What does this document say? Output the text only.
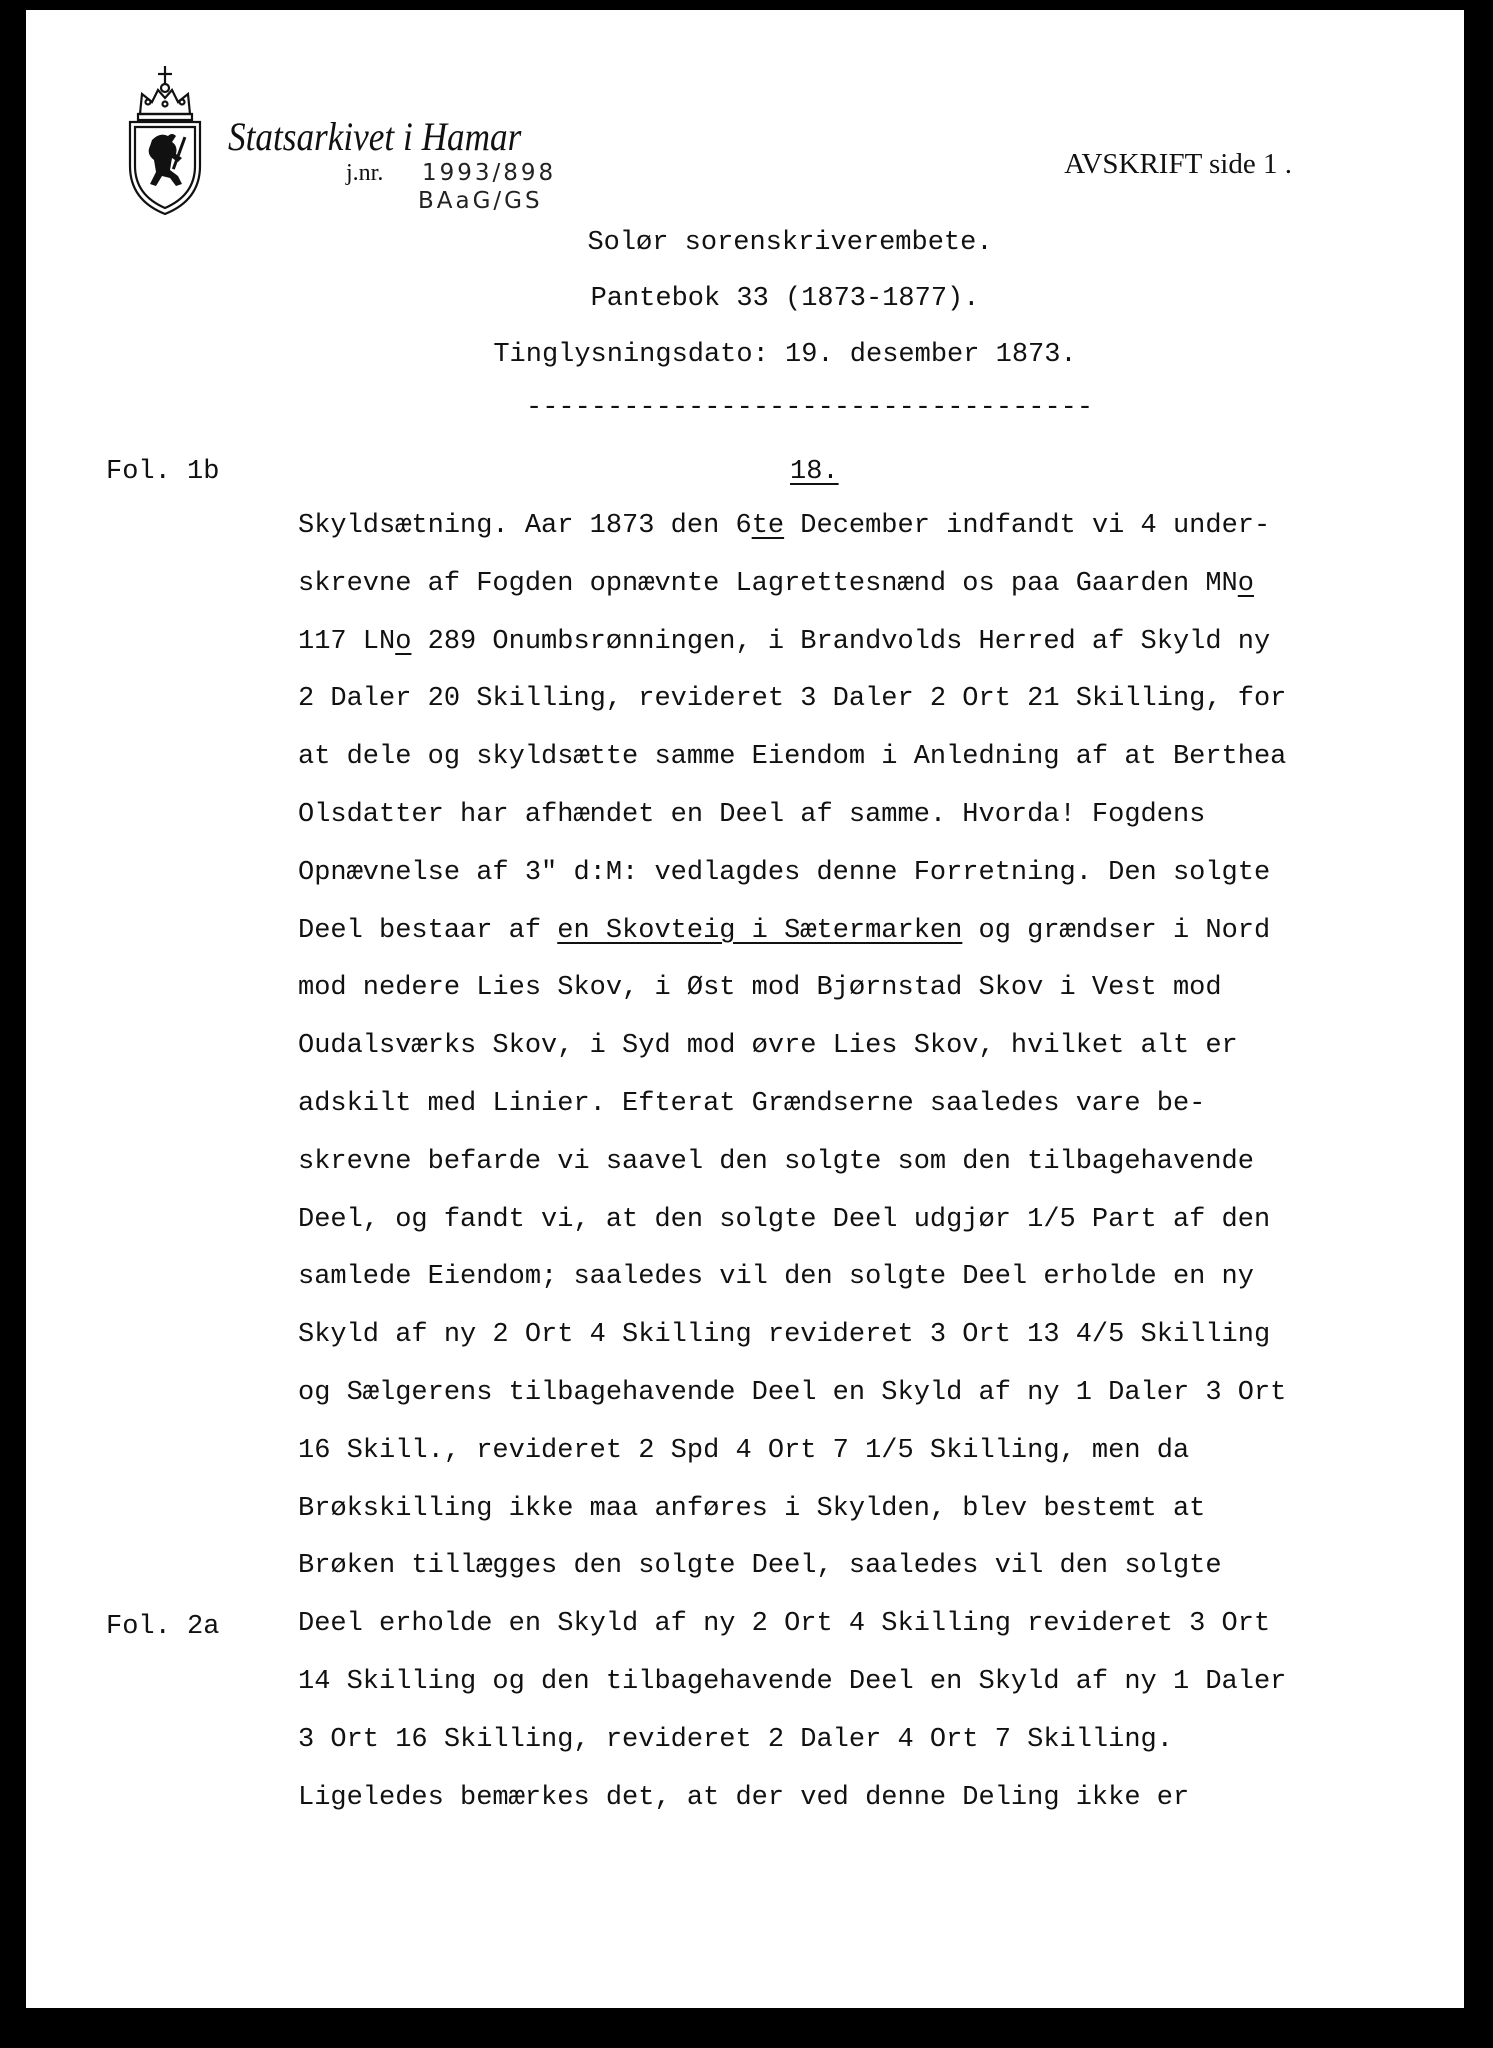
Statsarkivet i Hamar
j.nr. 1993/898
BAaG/GS
AVSKRIFT side 1 .
Solør sorenskriverembete.
Pantebok 33 (1873-1877).
Tinglysningsdato: 19. desember 1873.
-----------------------------------
Fol. 1b
Fol. 2a
18.
Skyldsætning. Aar 1873 den 6te December indfandt vi 4 under-
skrevne af Fogden opnævnte Lagrettesnænd os paa Gaarden MNo
117 LNo 289 Onumbsrønningen, i Brandvolds Herred af Skyld ny
2 Daler 20 Skilling, revideret 3 Daler 2 Ort 21 Skilling, for
at dele og skyldsætte samme Eiendom i Anledning af at Berthea
Olsdatter har afhændet en Deel af samme. Hvorda! Fogdens
Opnævnelse af 3" d:M: vedlagdes denne Forretning. Den solgte
Deel bestaar af en Skovteig i Sætermarken og grændser i Nord
mod nedere Lies Skov, i Øst mod Bjørnstad Skov i Vest mod
Oudalsværks Skov, i Syd mod øvre Lies Skov, hvilket alt er
adskilt med Linier. Efterat Grændserne saaledes vare be-
skrevne befarde vi saavel den solgte som den tilbagehavende
Deel, og fandt vi, at den solgte Deel udgjør 1/5 Part af den
samlede Eiendom; saaledes vil den solgte Deel erholde en ny
Skyld af ny 2 Ort 4 Skilling revideret 3 Ort 13 4/5 Skilling
og Sælgerens tilbagehavende Deel en Skyld af ny 1 Daler 3 Ort
16 Skill., revideret 2 Spd 4 Ort 7 1/5 Skilling, men da
Brøkskilling ikke maa anføres i Skylden, blev bestemt at
Brøken tillægges den solgte Deel, saaledes vil den solgte
Deel erholde en Skyld af ny 2 Ort 4 Skilling revideret 3 Ort
14 Skilling og den tilbagehavende Deel en Skyld af ny 1 Daler
3 Ort 16 Skilling, revideret 2 Daler 4 Ort 7 Skilling.
Ligeledes bemærkes det, at der ved denne Deling ikke er
